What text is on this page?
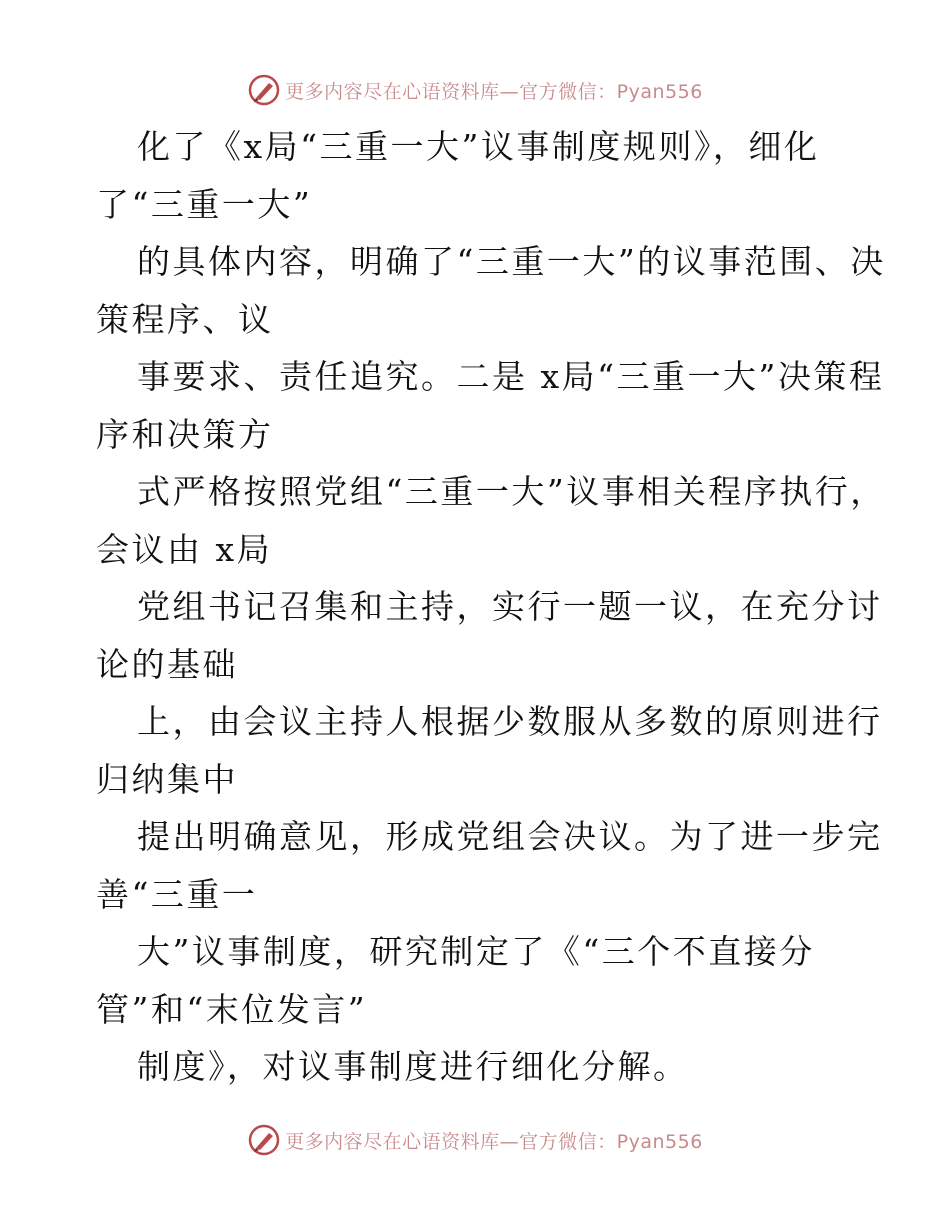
更多内容尽在心语资料库—官方微信：Pyan556

化了《x局“三重一大”议事制度规则》，细化了“三重一大”

的具体内容，明确了“三重一大”的议事范围、决策程序、议

事要求、责任追究。二是 x局“三重一大”决策程序和决策方

式严格按照党组“三重一大”议事相关程序执行，会议由 x局

党组书记召集和主持，实行一题一议，在充分讨论的基础

上，由会议主持人根据少数服从多数的原则进行归纳集中

提出明确意见，形成党组会决议。为了进一步完善“三重一

大”议事制度，研究制定了《“三个不直接分管”和“末位发言”

制度》，对议事制度进行细化分解。

更多内容尽在心语资料库—官方微信：Pyan556
